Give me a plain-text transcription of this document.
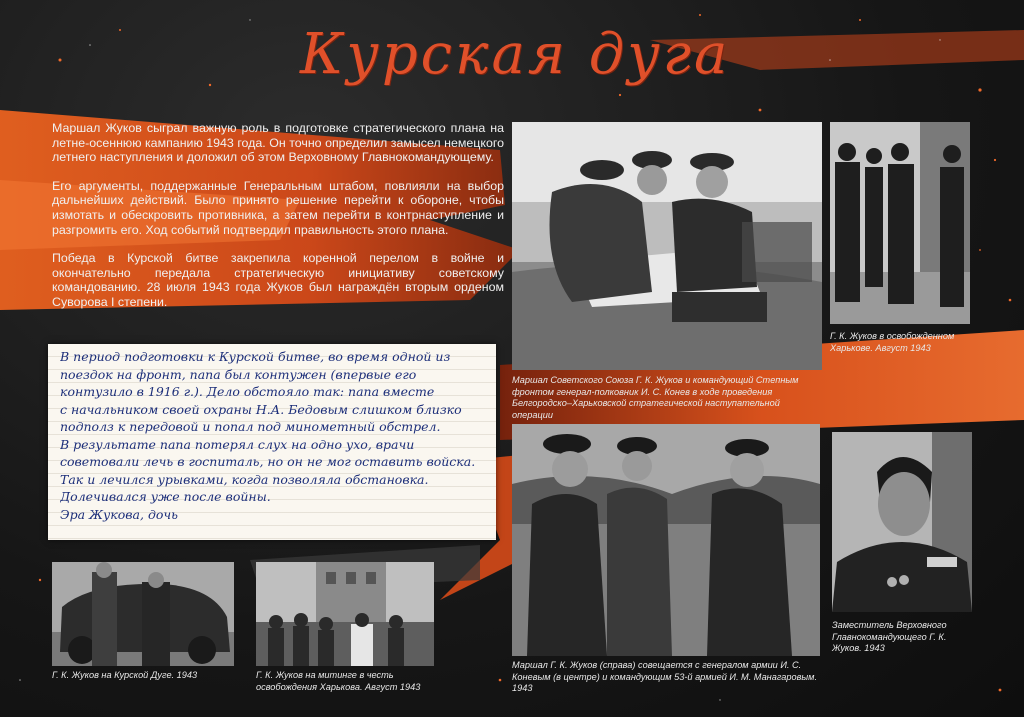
Курская дуга

Маршал Жуков сыграл важную роль в подготовке стратегического плана на летне-осеннюю кампанию 1943 года. Он точно определил замысел немецкого летнего наступления и доложил об этом Верховному Главнокомандующему.

Его аргументы, поддержанные Генеральным штабом, повлияли на выбор дальнейших действий. Было принято решение перейти к обороне, чтобы измотать и обескровить противника, а затем перейти в контрнаступление и разгромить его. Ход событий подтвердил правильность этого плана.

Победа в Курской битве закрепила коренной перелом в войне и окончательно передала стратегическую инициативу советскому командованию. 28 июля 1943 года Жуков был награждён вторым орденом Суворова I степени.

В период подготовки к Курской битве, во время одной из
поездок на фронт, папа был контужен (впервые его
контузило в 1916 г.). Дело обстояло так: папа вместе
с начальником своей охраны Н.А. Бедовым слишком близко
подполз к передовой и попал под минометный обстрел.
В результате папа потерял слух на одно ухо, врачи
советовали лечь в госпиталь, но он не мог оставить войска.
Так и лечился урывками, когда позволяла обстановка.
Долечивался уже после войны.
Эра Жукова, дочь
Маршал Советского Союза Г. К. Жуков и командующий Степным фронтом генерал-полковник И. С. Конев в ходе проведения Белгородско–Харьковской стратегической наступательной операции
Г. К. Жуков в освобожденном Харькове. Август 1943
Маршал Г. К. Жуков (справа) совещается с генералом армии И. С. Коневым (в центре) и командующим 53-й армией И. М. Манагаровым. 1943
Заместитель Верховного Главнокомандующего Г. К. Жуков. 1943
Г. К. Жуков на Курской Дуге. 1943	Г. К. Жуков на митинге в честь освобождения Харькова. Август 1943
